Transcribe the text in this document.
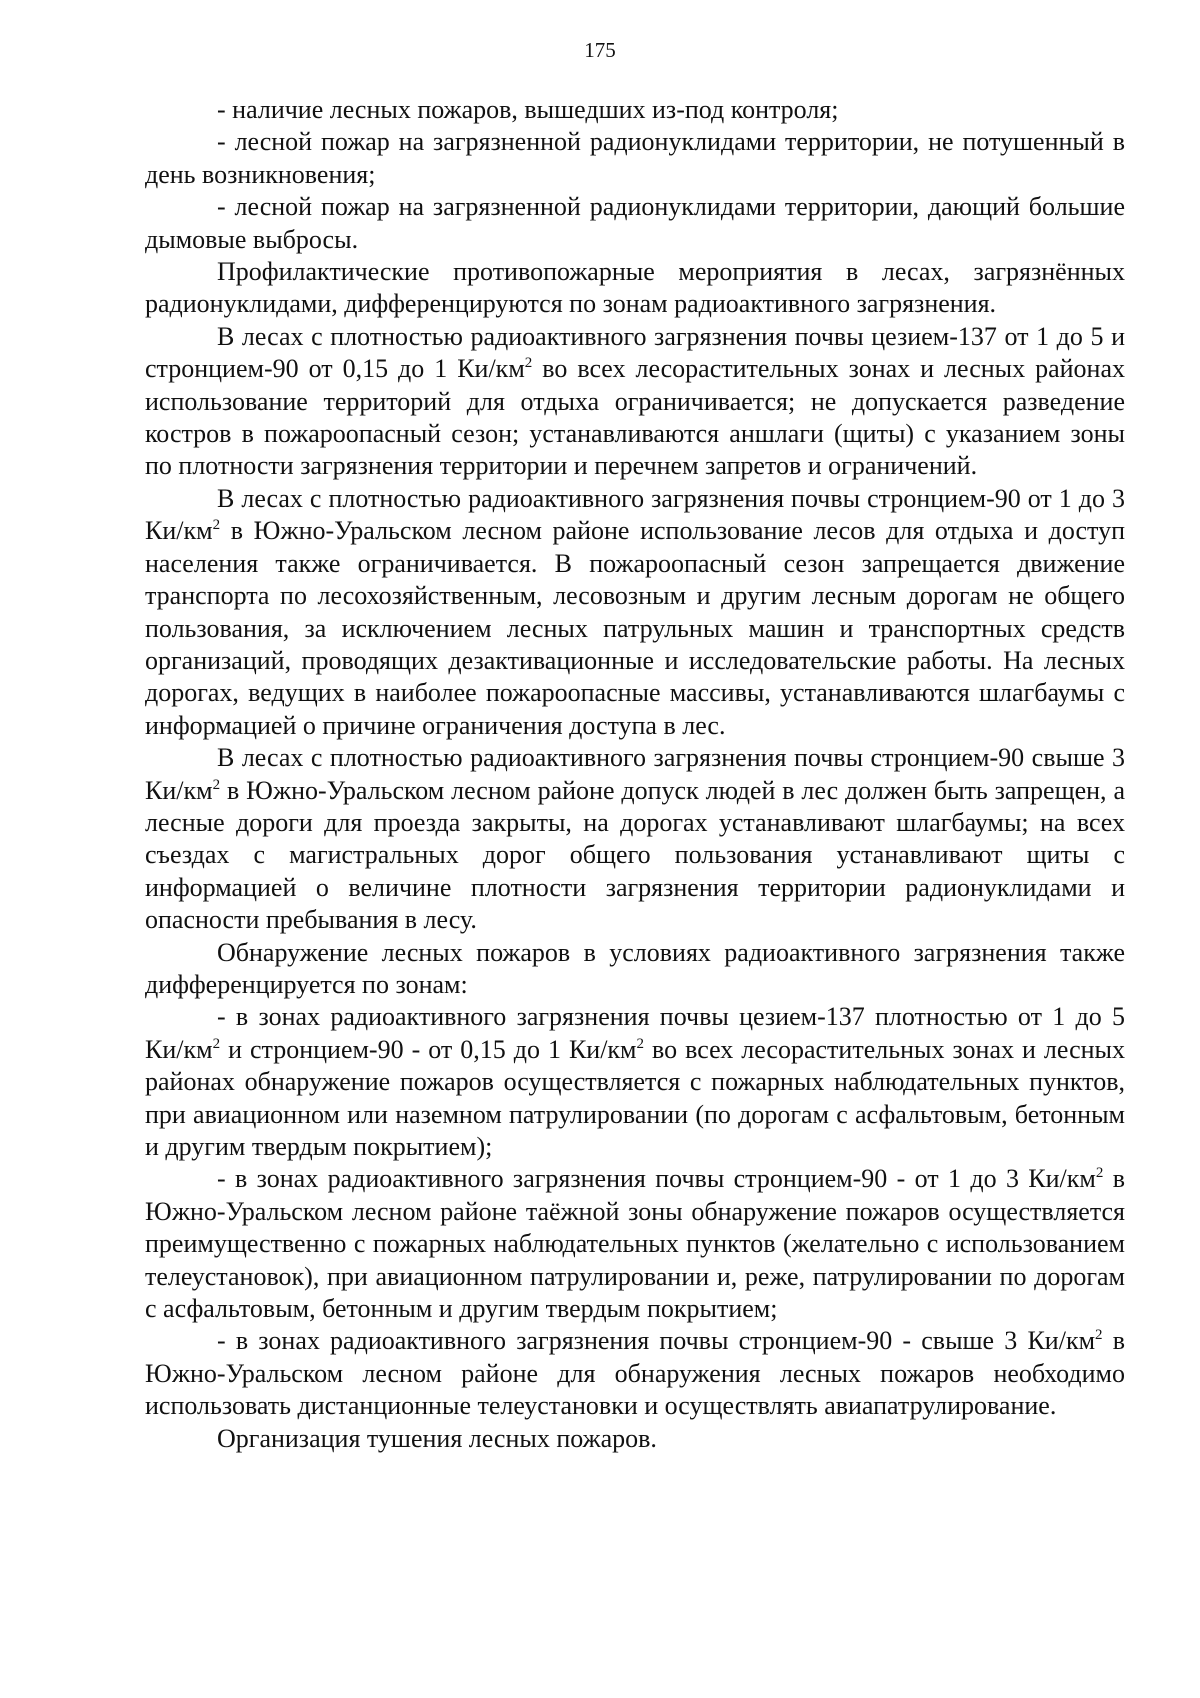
175

- наличие лесных пожаров, вышедших из-под контроля;

- лесной пожар на загрязненной радионуклидами территории, не потушенный в день возникновения;

- лесной пожар на загрязненной радионуклидами территории, дающий большие дымовые выбросы.

Профилактические противопожарные мероприятия в лесах, загрязнённых радионуклидами, дифференцируются по зонам радиоактивного загрязнения.

В лесах с плотностью радиоактивного загрязнения почвы цезием-137 от 1 до 5 и стронцием-90 от 0,15 до 1 $Ки/км^2$ во всех лесорастительных зонах и лесных районах использование территорий для отдыха ограничивается; не допускается разведение костров в пожароопасный сезон; устанавливаются аншлаги (щиты) с указанием зоны по плотности загрязнения территории и перечнем запретов и ограничений.

В лесах с плотностью радиоактивного загрязнения почвы стронцием-90 от 1 до 3 $Ки/км^2$ в Южно-Уральском лесном районе использование лесов для отдыха и доступ населения также ограничивается. В пожароопасный сезон запрещается движение транспорта по лесохозяйственным, лесовозным и другим лесным дорогам не общего пользования, за исключением лесных патрульных машин и транспортных средств организаций, проводящих дезактивационные и исследовательские работы. На лесных дорогах, ведущих в наиболее пожароопасные массивы, устанавливаются шлагбаумы с информацией о причине ограничения доступа в лес.

В лесах с плотностью радиоактивного загрязнения почвы стронцием-90 свыше 3 $Ки/км^2$ в Южно-Уральском лесном районе допуск людей в лес должен быть запрещен, а лесные дороги для проезда закрыты, на дорогах устанавливают шлагбаумы; на всех съездах с магистральных дорог общего пользования устанавливают щиты с информацией о величине плотности загрязнения территории радионуклидами и опасности пребывания в лесу.

Обнаружение лесных пожаров в условиях радиоактивного загрязнения также дифференцируется по зонам:

- в зонах радиоактивного загрязнения почвы цезием-137 плотностью от 1 до 5 $Ки/км^2$ и стронцием-90 - от 0,15 до 1 $Ки/км^2$ во всех лесорастительных зонах и лесных районах обнаружение пожаров осуществляется с пожарных наблюдательных пунктов, при авиационном или наземном патрулировании (по дорогам с асфальтовым, бетонным и другим твердым покрытием);

- в зонах радиоактивного загрязнения почвы стронцием-90 - от 1 до 3 $Ки/км^2$ в Южно-Уральском лесном районе таёжной зоны обнаружение пожаров осуществляется преимущественно с пожарных наблюдательных пунктов (желательно с использованием телеустановок), при авиационном патрулировании и, реже, патрулировании по дорогам с асфальтовым, бетонным и другим твердым покрытием;

- в зонах радиоактивного загрязнения почвы стронцием-90 - свыше 3 $Ки/км^2$ в Южно-Уральском лесном районе для обнаружения лесных пожаров необходимо использовать дистанционные телеустановки и осуществлять авиапатрулирование.

Организация тушения лесных пожаров.
